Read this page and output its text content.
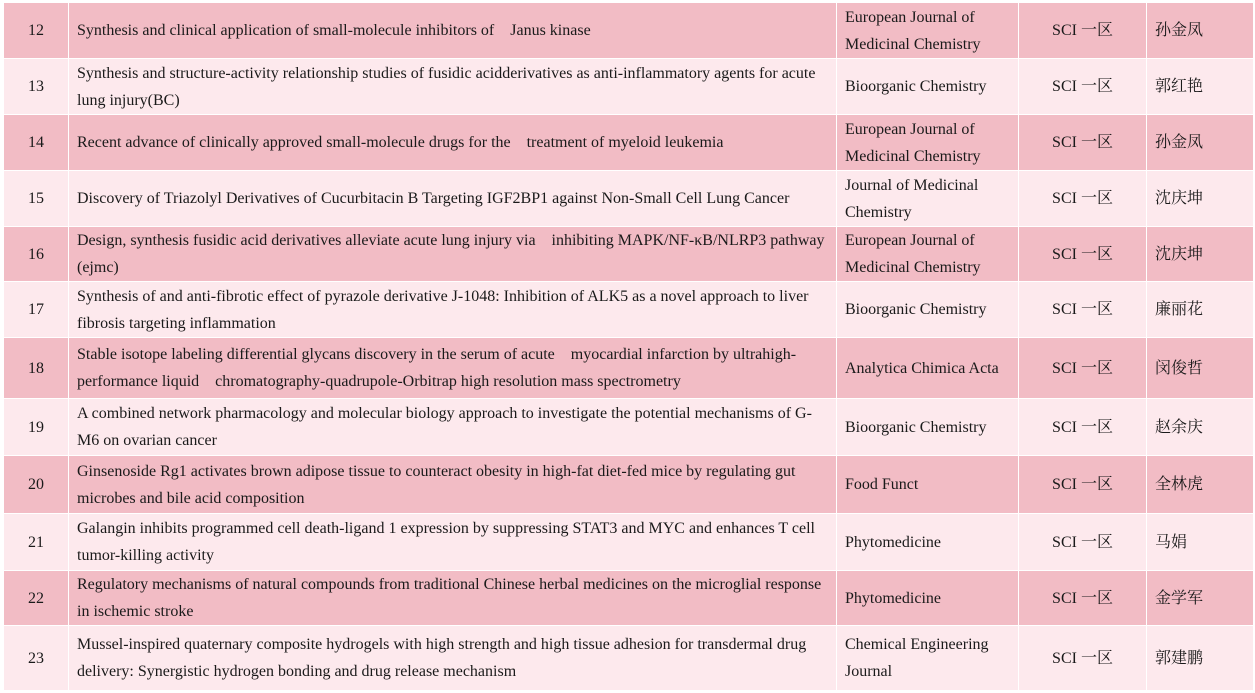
12	Synthesis and clinical application of small-molecule inhibitors of Janus kinase	European Journal of Medicinal Chemistry	SCI 一区	孙金凤
13	Synthesis and structure-activity relationship studies of fusidic acidderivatives as anti-inflammatory agents for acute lung injury(BC)	Bioorganic Chemistry	SCI 一区	郭红艳
14	Recent advance of clinically approved small-molecule drugs for the treatment of myeloid leukemia	European Journal of Medicinal Chemistry	SCI 一区	孙金凤
15	Discovery of Triazolyl Derivatives of Cucurbitacin B Targeting IGF2BP1 against Non-Small Cell Lung Cancer	Journal of Medicinal Chemistry	SCI 一区	沈庆坤
16	Design, synthesis fusidic acid derivatives alleviate acute lung injury via inhibiting MAPK/NF-κB/NLRP3 pathway (ejmc)	European Journal of Medicinal Chemistry	SCI 一区	沈庆坤
17	Synthesis of and anti-fibrotic effect of pyrazole derivative J-1048: Inhibition of ALK5 as a novel approach to liver fibrosis targeting inflammation	Bioorganic Chemistry	SCI 一区	廉丽花
18	Stable isotope labeling differential glycans discovery in the serum of acute myocardial infarction by ultrahigh-performance liquid chromatography-quadrupole-Orbitrap high resolution mass spectrometry	Analytica Chimica Acta	SCI 一区	闵俊哲
19	A combined network pharmacology and molecular biology approach to investigate the potential mechanisms of G-M6 on ovarian cancer	Bioorganic Chemistry	SCI 一区	赵余庆
20	Ginsenoside Rg1 activates brown adipose tissue to counteract obesity in high-fat diet-fed mice by regulating gut microbes and bile acid composition	Food Funct	SCI 一区	全林虎
21	Galangin inhibits programmed cell death-ligand 1 expression by suppressing STAT3 and MYC and enhances T cell tumor-killing activity	Phytomedicine	SCI 一区	马娟
22	Regulatory mechanisms of natural compounds from traditional Chinese herbal medicines on the microglial response in ischemic stroke	Phytomedicine	SCI 一区	金学军
23	Mussel-inspired quaternary composite hydrogels with high strength and high tissue adhesion for transdermal drug delivery: Synergistic hydrogen bonding and drug release mechanism	Chemical Engineering Journal	SCI 一区	郭建鹏
